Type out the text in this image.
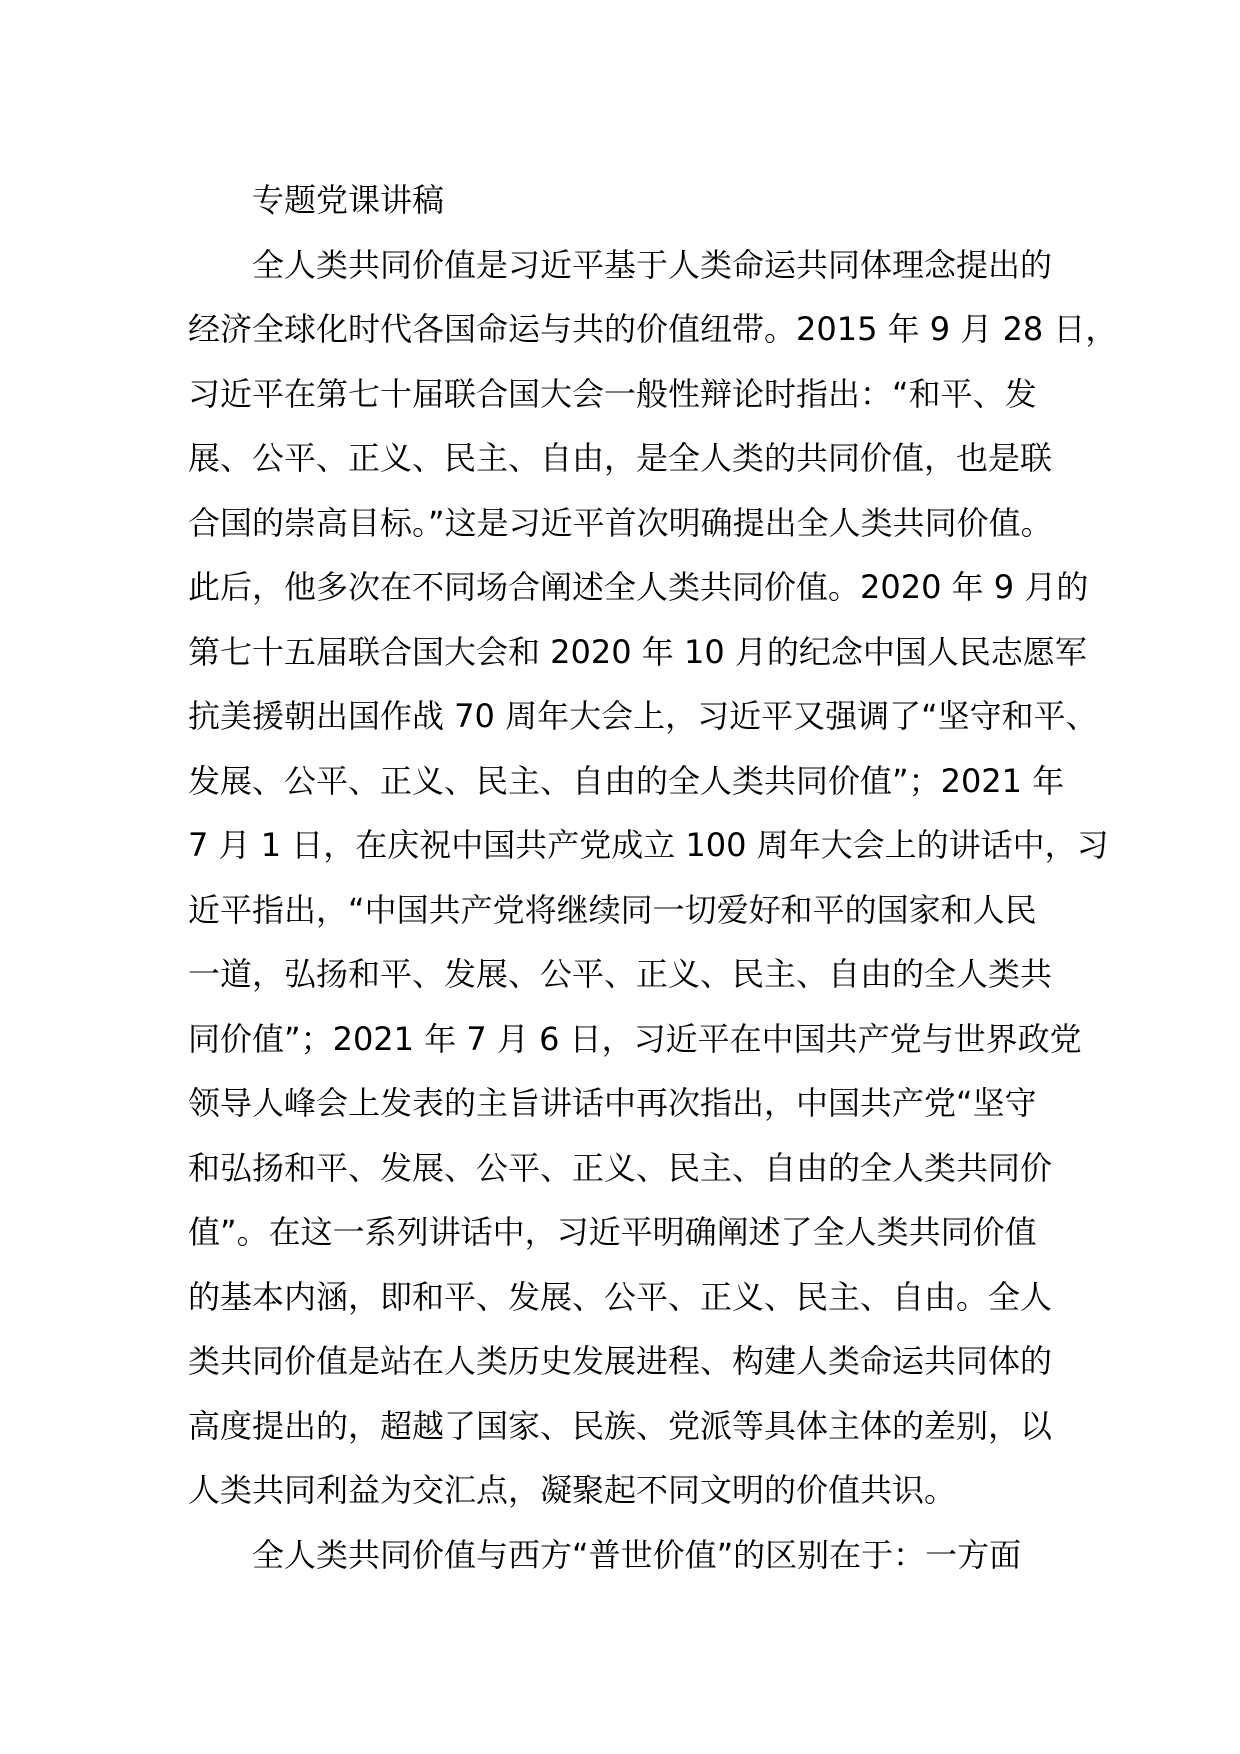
专题党课讲稿
全人类共同价值是习近平基于人类命运共同体理念提出的
经济全球化时代各国命运与共的价值纽带。2015 年 9 月 28 日，
习近平在第七十届联合国大会一般性辩论时指出：“和平、发
展、公平、正义、民主、自由，是全人类的共同价值，也是联
合国的崇高目标。”这是习近平首次明确提出全人类共同价值。
此后，他多次在不同场合阐述全人类共同价值。2020 年 9 月的
第七十五届联合国大会和 2020 年 10 月的纪念中国人民志愿军
抗美援朝出国作战 70 周年大会上，习近平又强调了“坚守和平、
发展、公平、正义、民主、自由的全人类共同价值”；2021 年
7 月 1 日，在庆祝中国共产党成立 100 周年大会上的讲话中，习
近平指出，“中国共产党将继续同一切爱好和平的国家和人民
一道，弘扬和平、发展、公平、正义、民主、自由的全人类共
同价值”；2021 年 7 月 6 日，习近平在中国共产党与世界政党
领导人峰会上发表的主旨讲话中再次指出，中国共产党“坚守
和弘扬和平、发展、公平、正义、民主、自由的全人类共同价
值”。在这一系列讲话中，习近平明确阐述了全人类共同价值
的基本内涵，即和平、发展、公平、正义、民主、自由。全人
类共同价值是站在人类历史发展进程、构建人类命运共同体的
高度提出的，超越了国家、民族、党派等具体主体的差别，以
人类共同利益为交汇点，凝聚起不同文明的价值共识。
全人类共同价值与西方“普世价值”的区别在于：一方面
